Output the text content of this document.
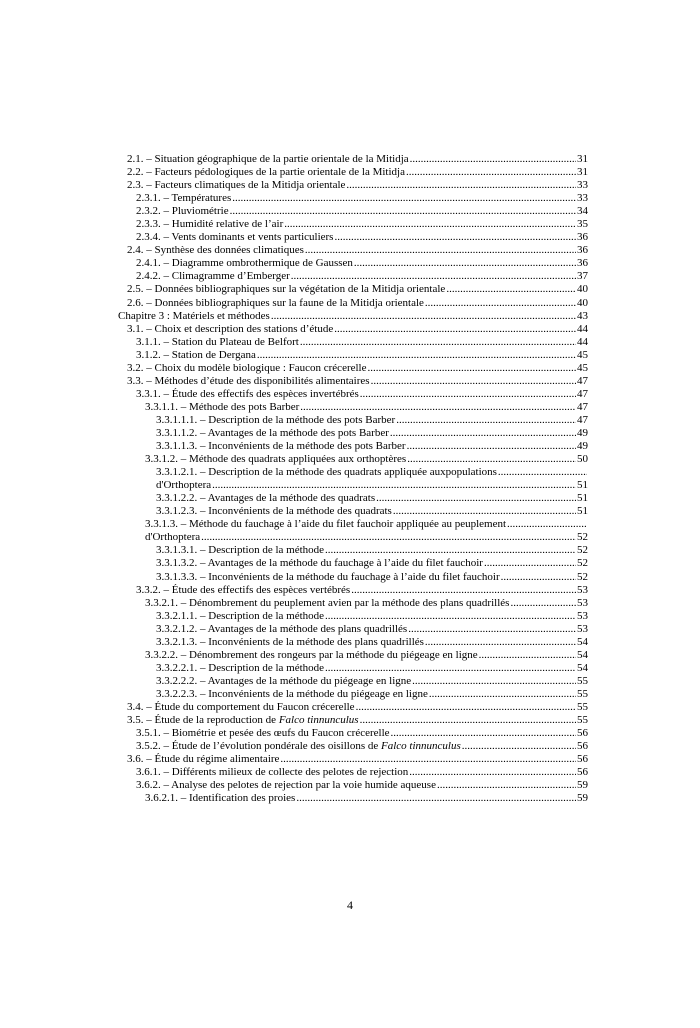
2.1. – Situation géographique de la partie orientale de la Mitidja .....	31
2.2. – Facteurs pédologiques de la partie orientale de la Mitidja .....	31
2.3. – Facteurs climatiques de la Mitidja orientale .....	33
2.3.1. – Températures .....	33
2.3.2. – Pluviométrie .....	34
2.3.3. – Humidité relative de l’air .....	35
2.3.4. – Vents dominants et vents particuliers .....	36
2.4. – Synthèse des données climatiques .....	36
2.4.1. – Diagramme ombrothermique de Gaussen .....	36
2.4.2. – Climagramme d’Emberger .....	37
2.5. – Données bibliographiques sur la végétation de la Mitidja orientale .....	40
2.6. – Données bibliographiques sur la faune de la Mitidja orientale .....	40
Chapitre 3 : Matériels et méthodes .....	43
3.1. – Choix et description des stations d’étude .....	44
3.1.1. – Station du Plateau de Belfort .....	44
3.1.2. – Station de Dergana .....	45
3.2. – Choix du modèle biologique : Faucon crécerelle .....	45
3.3. – Méthodes d’étude des disponibilités alimentaires .....	47
3.3.1. – Étude des effectifs des espèces invertébrés .....	47
3.3.1.1. – Méthode des pots Barber .....	47
3.3.1.1.1. – Description de la méthode des pots Barber .....	47
3.3.1.1.2. – Avantages de la méthode des pots Barber .....	49
3.3.1.1.3. – Inconvénients de la méthode des pots Barber .....	49
3.3.1.2. – Méthode des quadrats appliquées aux orthoptères .....	50
3.3.1.2.1. – Description de la méthode des quadrats appliquée auxpopulations
.....
d'Orthoptera .....	51
3.3.1.2.2. – Avantages de la méthode des quadrats .....	51
3.3.1.2.3. – Inconvénients de la méthode des quadrats .....	51
3.3.1.3. – Méthode du fauchage à l’aide du filet fauchoir appliquée au peuplement
.....
d'Orthoptera .....	52
3.3.1.3.1. – Description de la méthode .....	52
3.3.1.3.2. – Avantages de la méthode du fauchage à l’aide du filet fauchoir .....	52
3.3.1.3.3. – Inconvénients de la méthode du fauchage à l’aide du filet fauchoir .....	52
3.3.2. – Étude des effectifs des espèces vertébrés .....	53
3.3.2.1. – Dénombrement du peuplement avien par la méthode des plans quadrillés .....	53
3.3.2.1.1. – Description de la méthode .....	53
3.3.2.1.2. – Avantages de la méthode des plans quadrillés .....	53
3.3.2.1.3. – Inconvénients de la méthode des plans quadrillés .....	54
3.3.2.2. – Dénombrement des rongeurs par la méthode du piégeage en ligne .....	54
3.3.2.2.1. – Description de la méthode .....	54
3.3.2.2.2. – Avantages de la méthode du piégeage en ligne .....	55
3.3.2.2.3. – Inconvénients de la méthode du piégeage en ligne .....	55
3.4. – Étude du comportement du Faucon crécerelle .....	55
3.5. – Étude de la reproduction de Falco tinnunculus .....	55
3.5.1. – Biométrie et pesée des œufs du Faucon crécerelle .....	56
3.5.2. – Étude de l’évolution pondérale des oisillons de Falco tinnunculus .....	56
3.6. – Étude du régime alimentaire .....	56
3.6.1. – Différents milieux de collecte des pelotes de rejection .....	56
3.6.2. – Analyse des pelotes de rejection par la voie humide aqueuse .....	59
3.6.2.1. – Identification des proies .....	59
4
